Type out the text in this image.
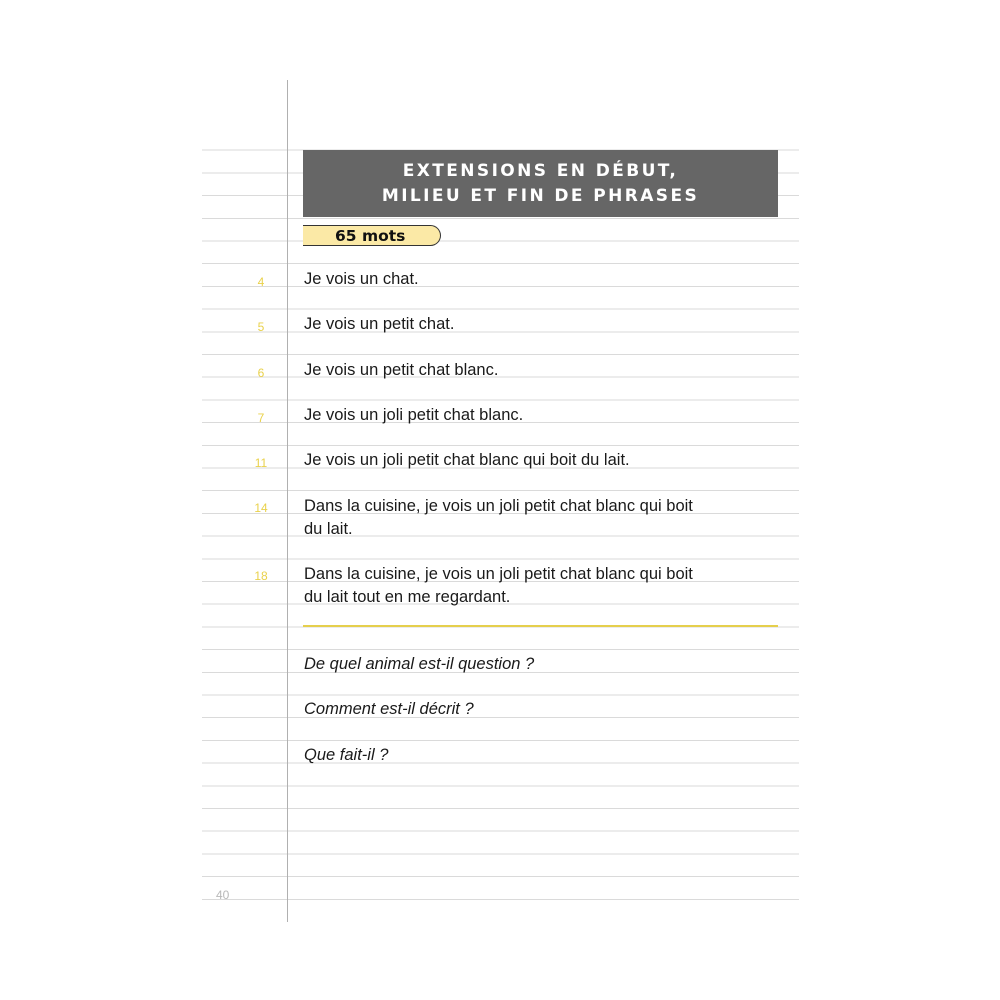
EXTENSIONS EN DÉBUT,
MILIEU ET FIN DE PHRASES
65 mots
4	Je vois un chat.
5	Je vois un petit chat.
6	Je vois un petit chat blanc.
7	Je vois un joli petit chat blanc.
11	Je vois un joli petit chat blanc qui boit du lait.
14	Dans la cuisine, je vois un joli petit chat blanc qui boit
du lait.
18	Dans la cuisine, je vois un joli petit chat blanc qui boit
du lait tout en me regardant.
De quel animal est-il question ?
Comment est-il décrit ?
Que fait-il ?
40
